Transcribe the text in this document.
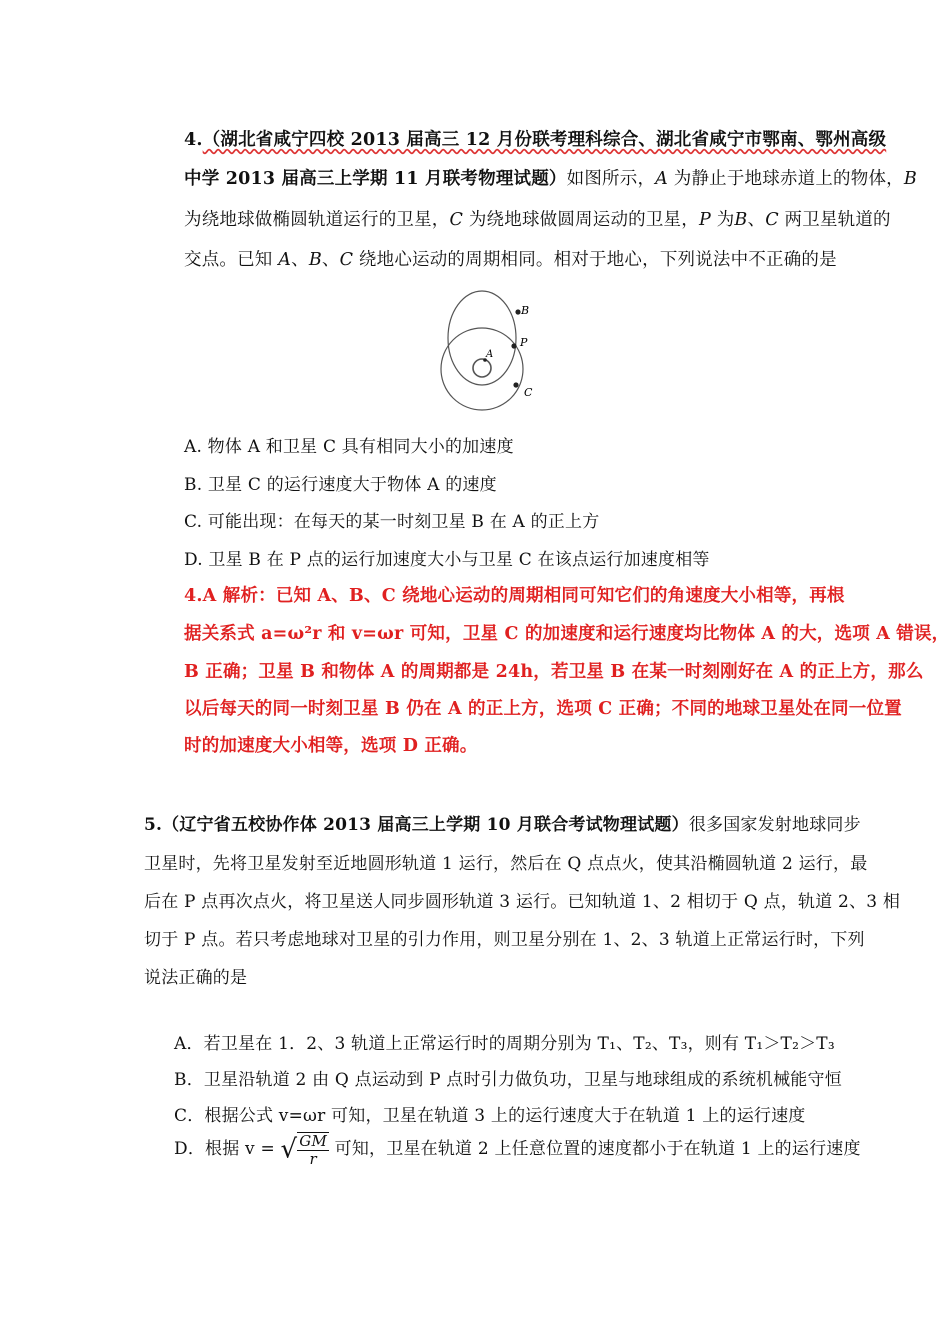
4.（湖北省咸宁四校 2013 届高三 12 月份联考理科综合、湖北省咸宁市鄂南、鄂州高级
中学 2013 届高三上学期 11 月联考物理试题）如图所示，A 为静止于地球赤道上的物体，B
为绕地球做椭圆轨道运行的卫星，C 为绕地球做圆周运动的卫星，P 为B、C 两卫星轨道的
交点。已知 A、B、C 绕地心运动的周期相同。相对于地心，下列说法中不正确的是
A. 物体 A 和卫星 C 具有相同大小的加速度
B. 卫星 C 的运行速度大于物体 A 的速度
C. 可能出现：在每天的某一时刻卫星 B 在 A 的正上方
D. 卫星 B 在 P 点的运行加速度大小与卫星 C 在该点运行加速度相等
4.A 解析：已知 A、B、C 绕地心运动的周期相同可知它们的角速度大小相等，再根
据关系式 a=ω²r 和 v=ωr 可知，卫星 C 的加速度和运行速度均比物体 A 的大，选项 A 错误，
B 正确；卫星 B 和物体 A 的周期都是 24h，若卫星 B 在某一时刻刚好在 A 的正上方，那么
以后每天的同一时刻卫星 B 仍在 A 的正上方，选项 C 正确；不同的地球卫星处在同一位置
时的加速度大小相等，选项 D 正确。
B
P
A
C
5.（辽宁省五校协作体 2013 届高三上学期 10 月联合考试物理试题）很多国家发射地球同步
卫星时，先将卫星发射至近地圆形轨道 1 运行，然后在 Q 点点火，使其沿椭圆轨道 2 运行，最
后在 P 点再次点火，将卫星送人同步圆形轨道 3 运行。已知轨道 1、2 相切于 Q 点，轨道 2、3 相
切于 P 点。若只考虑地球对卫星的引力作用，则卫星分别在 1、2、3 轨道上正常运行时，下列
说法正确的是
A．若卫星在 1．2、3 轨道上正常运行时的周期分别为 T₁、T₂、T₃，则有 T₁＞T₂＞T₃
B．卫星沿轨道 2 由 Q 点运动到 P 点时引力做负功，卫星与地球组成的系统机械能守恒
C．根据公式 v=ωr 可知，卫星在轨道 3 上的运行速度大于在轨道 1 上的运行速度
D．根据 v = √ $\frac{GM}{r}$ 可知，卫星在轨道 2 上任意位置的速度都小于在轨道 1 上的运行速度
